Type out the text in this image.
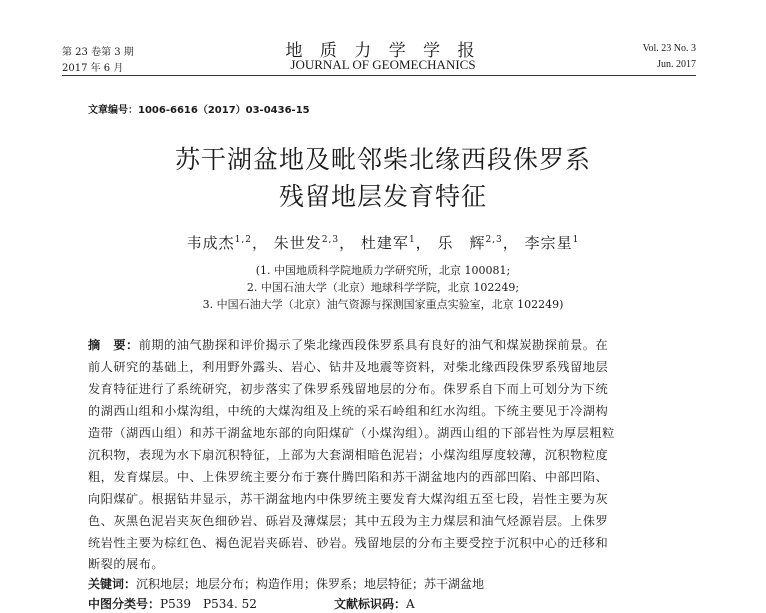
第 23 卷第 3 期
2017 年 6 月
地 质 力 学 学 报
JOURNAL OF GEOMECHANICS
Vol. 23 No. 3
Jun. 2017
文章编号：1006-6616（2017）03-0436-15
苏干湖盆地及毗邻柴北缘西段侏罗系
残留地层发育特征
韦成杰$^{1,2}$， 朱世发$^{2,3}$， 杜建军$^1$， 乐　辉$^{2,3}$， 李宗星$^1$
(1. 中国地质科学院地质力学研究所，北京 100081;
2. 中国石油大学（北京）地球科学学院，北京 102249;
3. 中国石油大学（北京）油气资源与探测国家重点实验室，北京 102249)
摘　要：前期的油气勘探和评价揭示了柴北缘西段侏罗系具有良好的油气和煤炭勘探前景。在
前人研究的基础上，利用野外露头、岩心、钻井及地震等资料，对柴北缘西段侏罗系残留地层
发育特征进行了系统研究，初步落实了侏罗系残留地层的分布。侏罗系自下而上可划分为下统
的湖西山组和小煤沟组，中统的大煤沟组及上统的采石岭组和红水沟组。下统主要见于冷湖构
造带（湖西山组）和苏干湖盆地东部的向阳煤矿（小煤沟组）。湖西山组的下部岩性为厚层粗粒
沉积物，表现为水下扇沉积特征，上部为大套湖相暗色泥岩；小煤沟组厚度较薄，沉积物粒度
粗，发育煤层。中、上侏罗统主要分布于赛什腾凹陷和苏干湖盆地内的西部凹陷、中部凹陷、
向阳煤矿。根据钻井显示，苏干湖盆地内中侏罗统主要发育大煤沟组五至七段，岩性主要为灰
色、灰黑色泥岩夹灰色细砂岩、砾岩及薄煤层；其中五段为主力煤层和油气烃源岩层。上侏罗
统岩性主要为棕红色、褐色泥岩夹砾岩、砂岩。残留地层的分布主要受控于沉积中心的迁移和
断裂的展布。
关键词：沉积地层；地层分布；构造作用；侏罗系；地层特征；苏干湖盆地
中图分类号：P539　P534. 52	文献标识码：A
